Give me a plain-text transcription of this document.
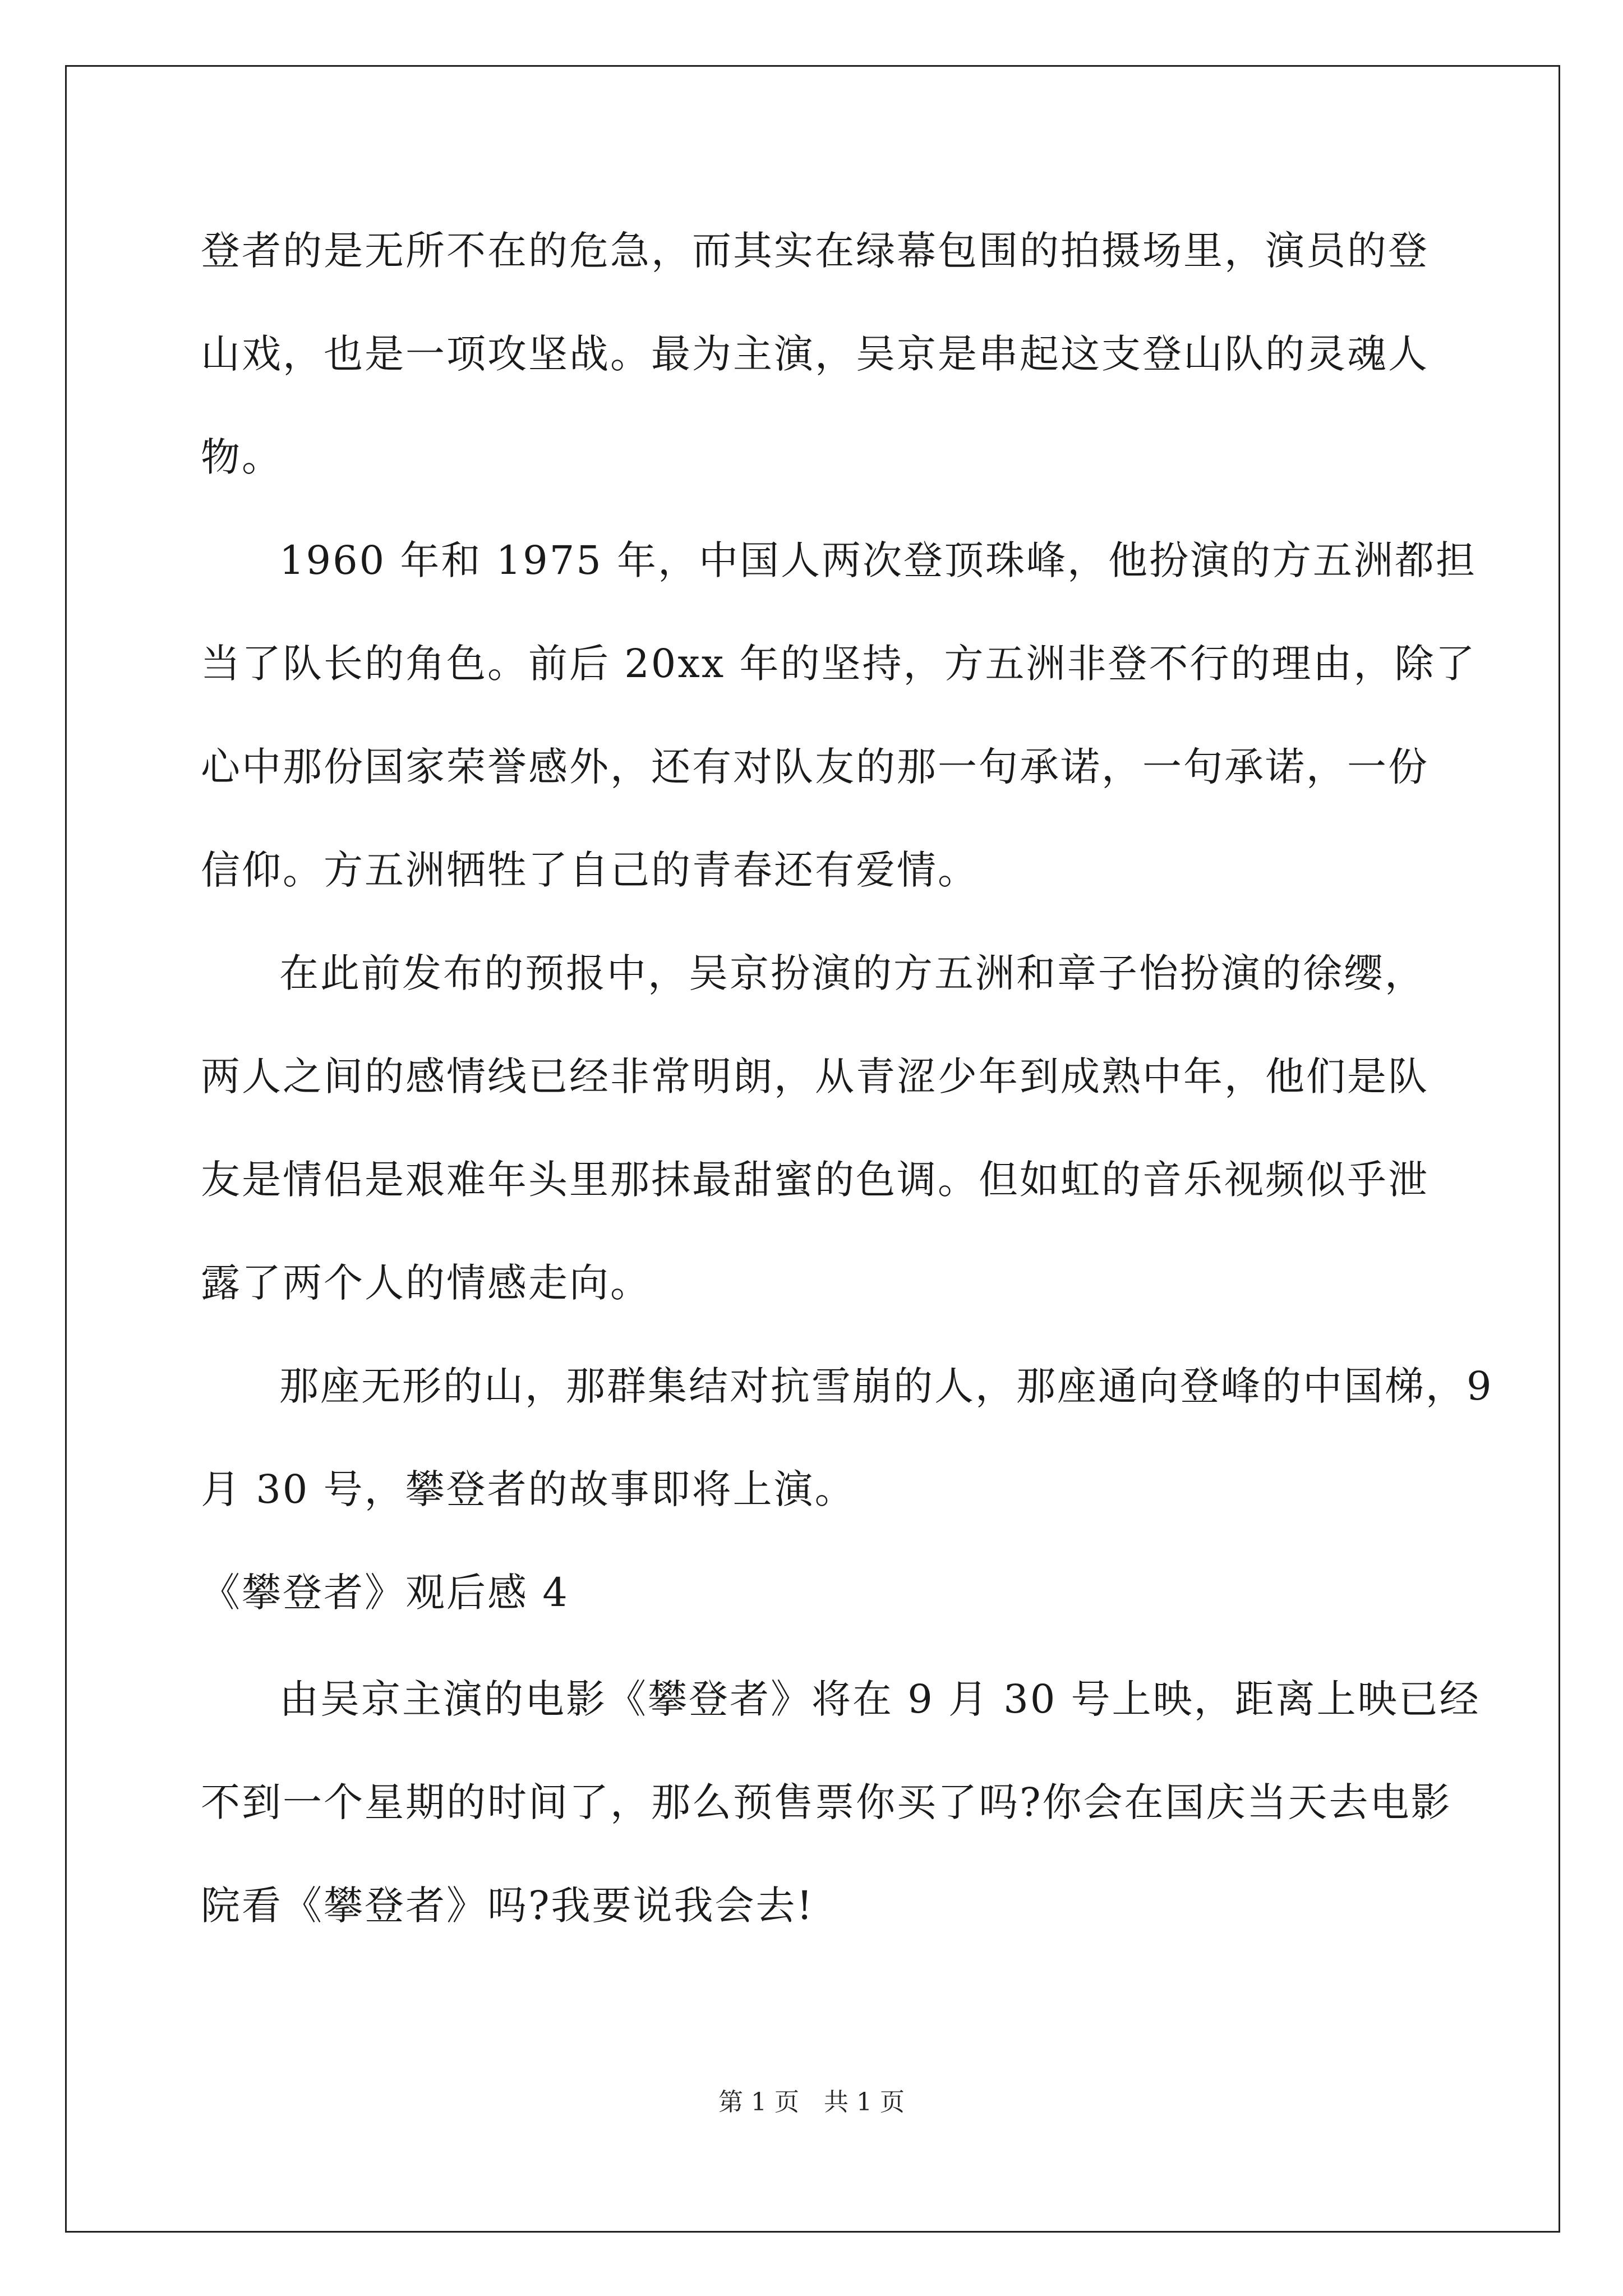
登者的是无所不在的危急，而其实在绿幕包围的拍摄场里，演员的登
山戏，也是一项攻坚战。最为主演，吴京是串起这支登山队的灵魂人
物。
1960 年和 1975 年，中国人两次登顶珠峰，他扮演的方五洲都担
当了队长的角色。前后 20xx 年的坚持，方五洲非登不行的理由，除了
心中那份国家荣誉感外，还有对队友的那一句承诺，一句承诺，一份
信仰。方五洲牺牲了自己的青春还有爱情。
在此前发布的预报中，吴京扮演的方五洲和章子怡扮演的徐缨，
两人之间的感情线已经非常明朗，从青涩少年到成熟中年，他们是队
友是情侣是艰难年头里那抹最甜蜜的色调。但如虹的音乐视频似乎泄
露了两个人的情感走向。
那座无形的山，那群集结对抗雪崩的人，那座通向登峰的中国梯，9
月 30 号，攀登者的故事即将上演。
《攀登者》观后感 4
由吴京主演的电影《攀登者》将在 9 月 30 号上映，距离上映已经
不到一个星期的时间了，那么预售票你买了吗?你会在国庆当天去电影
院看《攀登者》吗?我要说我会去!
第 1 页 共 1 页
